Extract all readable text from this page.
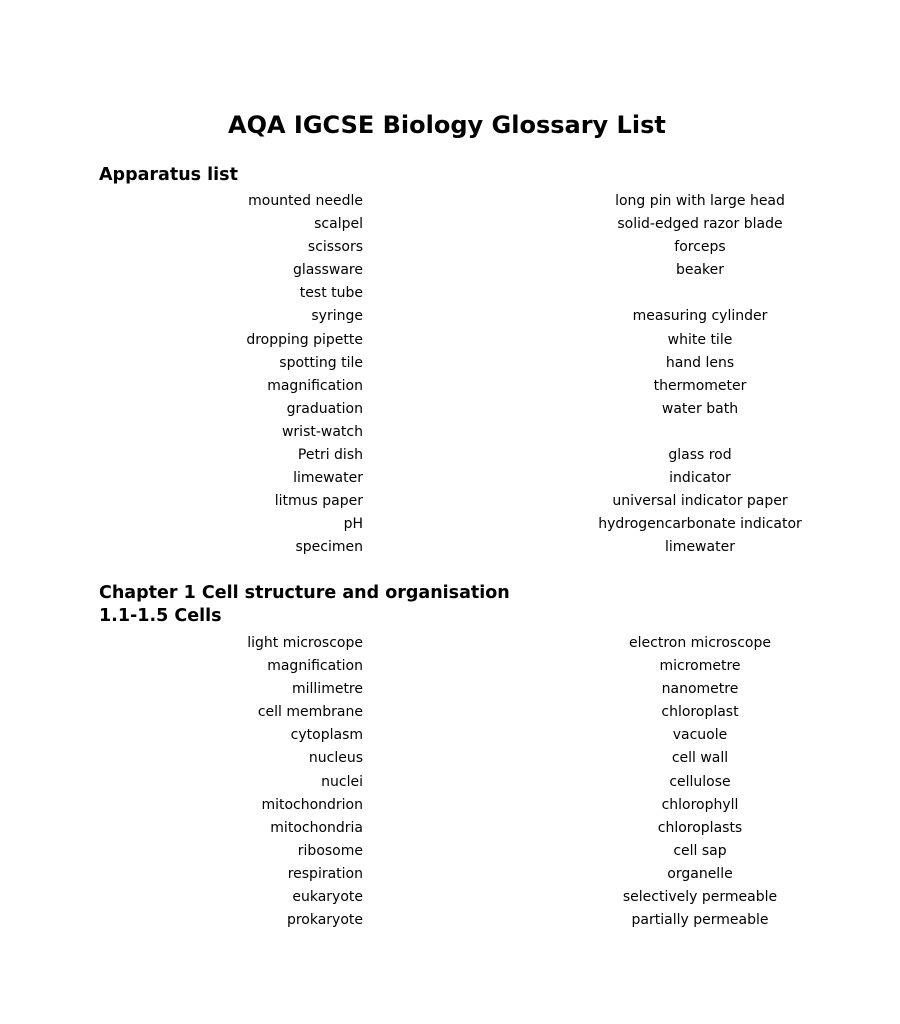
AQA IGCSE Biology Glossary List
Apparatus list
mounted needle	long pin with large head
scalpel	solid-edged razor blade
scissors	forceps
glassware	beaker
test tube
syringe	measuring cylinder
dropping pipette	white tile
spotting tile	hand lens
magnification	thermometer
graduation	water bath
wrist-watch
Petri dish	glass rod
limewater	indicator
litmus paper	universal indicator paper
pH	hydrogencarbonate indicator
specimen	limewater
Chapter 1 Cell structure and organisation
1.1-1.5 Cells
light microscope	electron microscope
magnification	micrometre
millimetre	nanometre
cell membrane	chloroplast
cytoplasm	vacuole
nucleus	cell wall
nuclei	cellulose
mitochondrion	chlorophyll
mitochondria	chloroplasts
ribosome	cell sap
respiration	organelle
eukaryote	selectively permeable
prokaryote	partially permeable
